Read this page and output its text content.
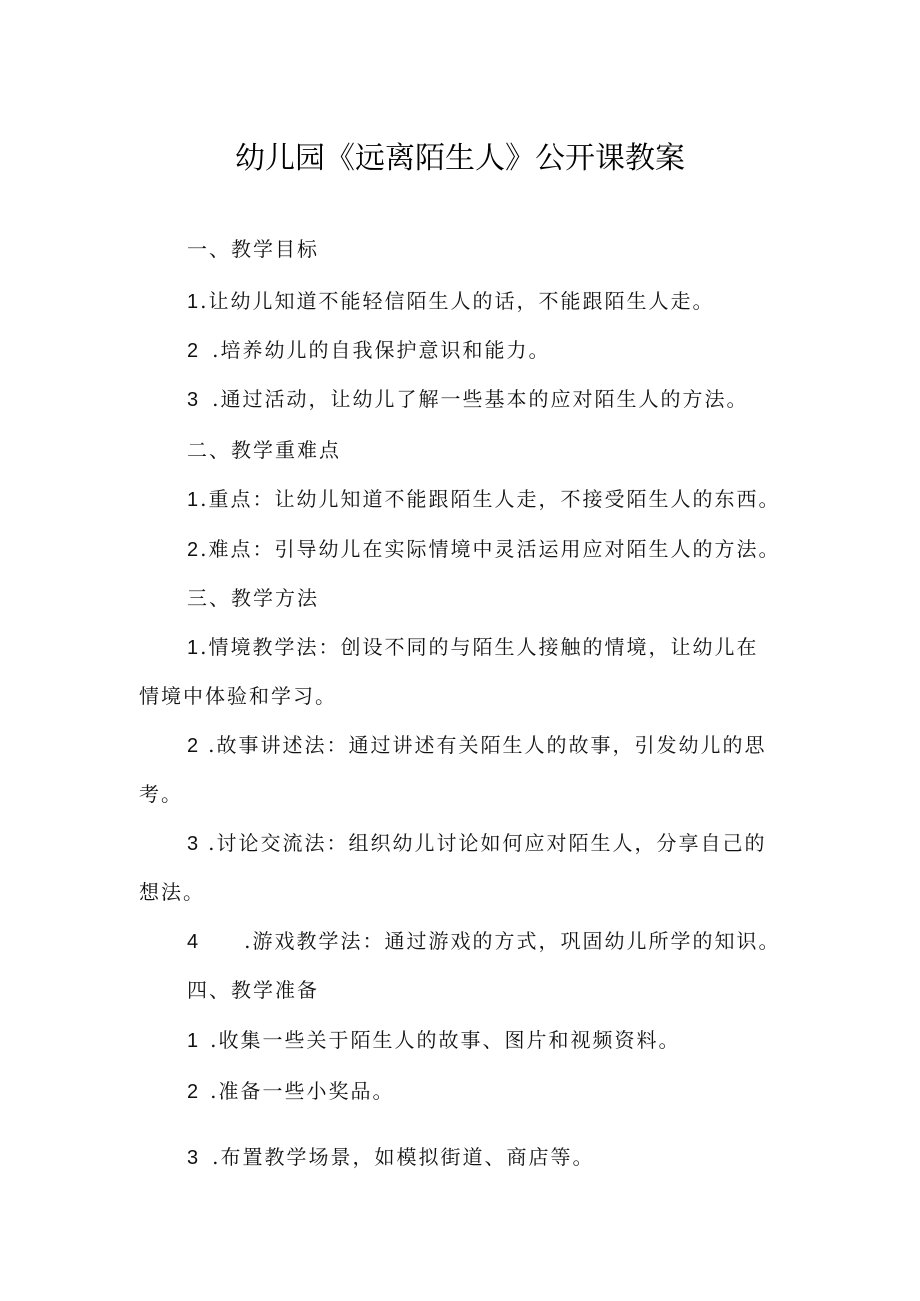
幼儿园《远离陌生人》公开课教案
一、教学目标
1.让幼儿知道不能轻信陌生人的话，不能跟陌生人走。
2 .培养幼儿的自我保护意识和能力。
3 .通过活动，让幼儿了解一些基本的应对陌生人的方法。
二、教学重难点
1.重点：让幼儿知道不能跟陌生人走，不接受陌生人的东西。
2.难点：引导幼儿在实际情境中灵活运用应对陌生人的方法。
三、教学方法
1.情境教学法：创设不同的与陌生人接触的情境，让幼儿在
情境中体验和学习。
2 .故事讲述法：通过讲述有关陌生人的故事，引发幼儿的思
考。
3 .讨论交流法：组织幼儿讨论如何应对陌生人，分享自己的
想法。
4 .游戏教学法：通过游戏的方式，巩固幼儿所学的知识。
四、教学准备
1 .收集一些关于陌生人的故事、图片和视频资料。
2 .准备一些小奖品。
3 .布置教学场景，如模拟街道、商店等。
